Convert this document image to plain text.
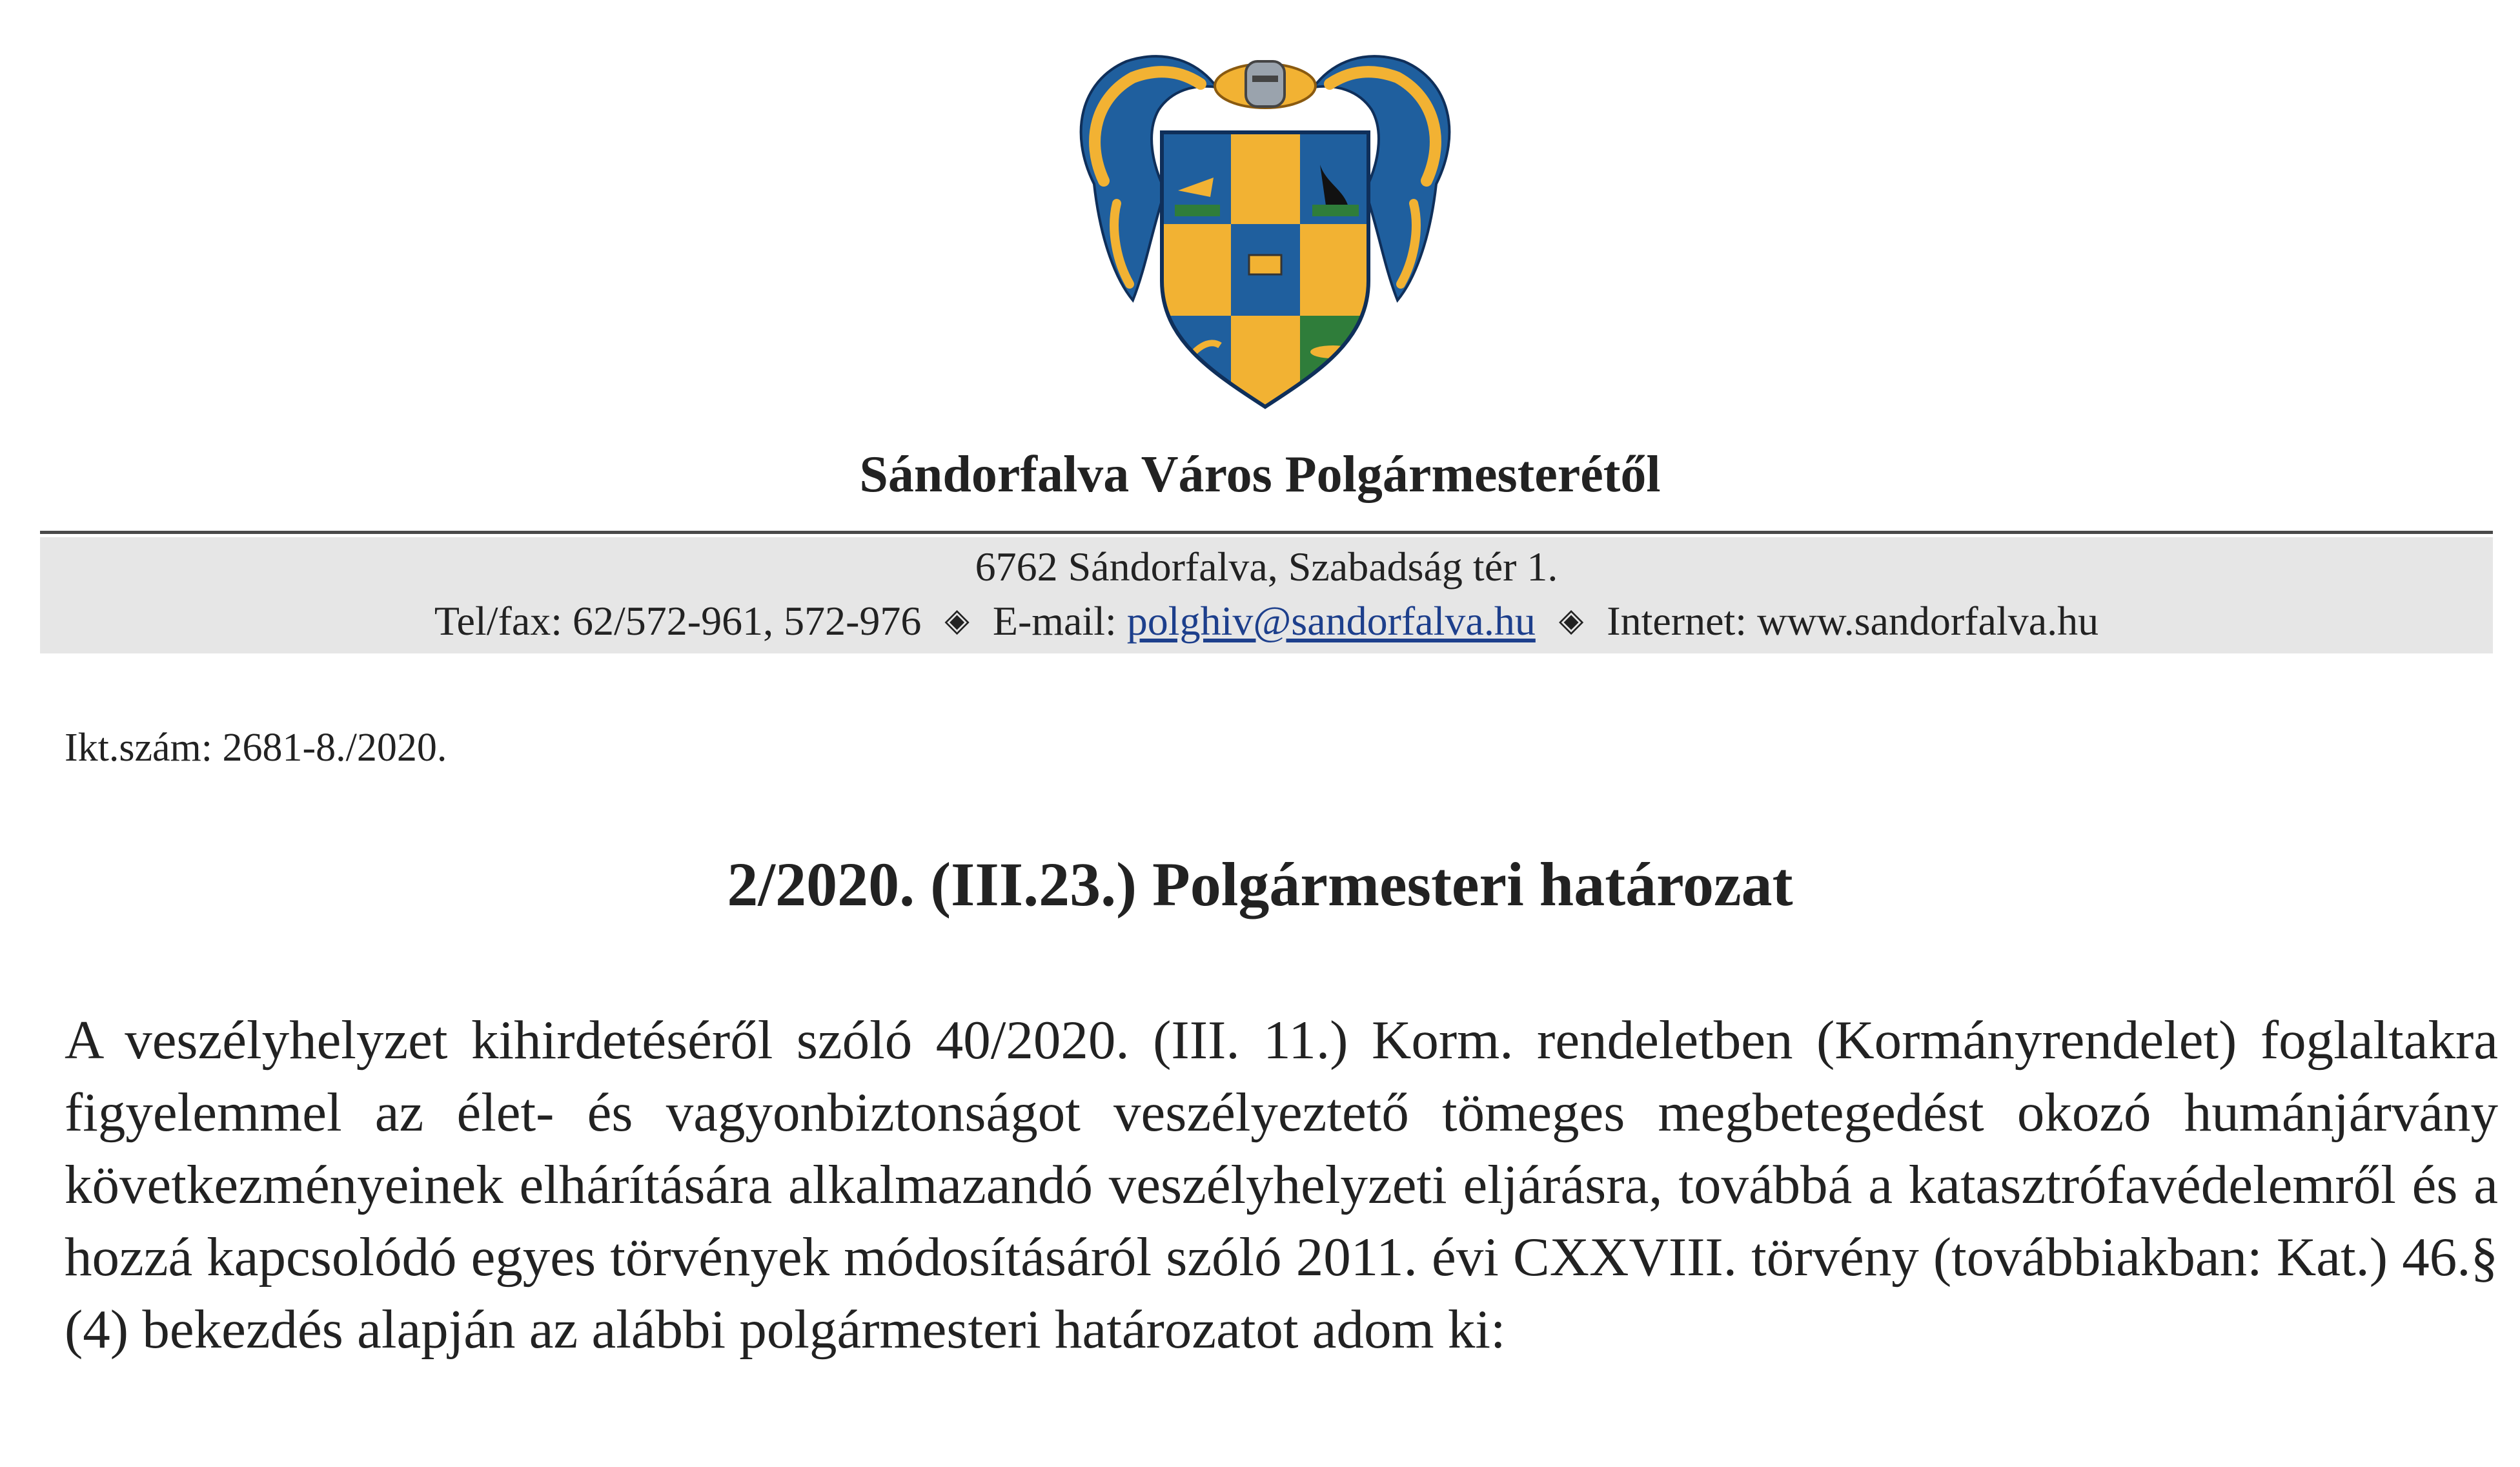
Sándorfalva Város Polgármesterétől
6762 Sándorfalva, Szabadság tér 1.
Tel/fax: 62/572-961, 572-976 ◈ E-mail: polghiv@sandorfalva.hu ◈ Internet: www.sandorfalva.hu
Ikt.szám: 2681-8./2020.
2/2020. (III.23.) Polgármesteri határozat
A veszélyhelyzet kihirdetéséről szóló 40/2020. (III. 11.) Korm. rendeletben (Kormányrendelet) foglaltakra figyelemmel az élet- és vagyonbiztonságot veszélyeztető tömeges megbetegedést okozó humánjárvány következményeinek elhárítására alkalmazandó veszélyhelyzeti eljárásra, továbbá a katasztrófavédelemről és a hozzá kapcsolódó egyes törvények módosításáról szóló 2011. évi CXXVIII. törvény (továbbiakban: Kat.) 46.§ (4) bekezdés alapján az alábbi polgármesteri határozatot adom ki:
